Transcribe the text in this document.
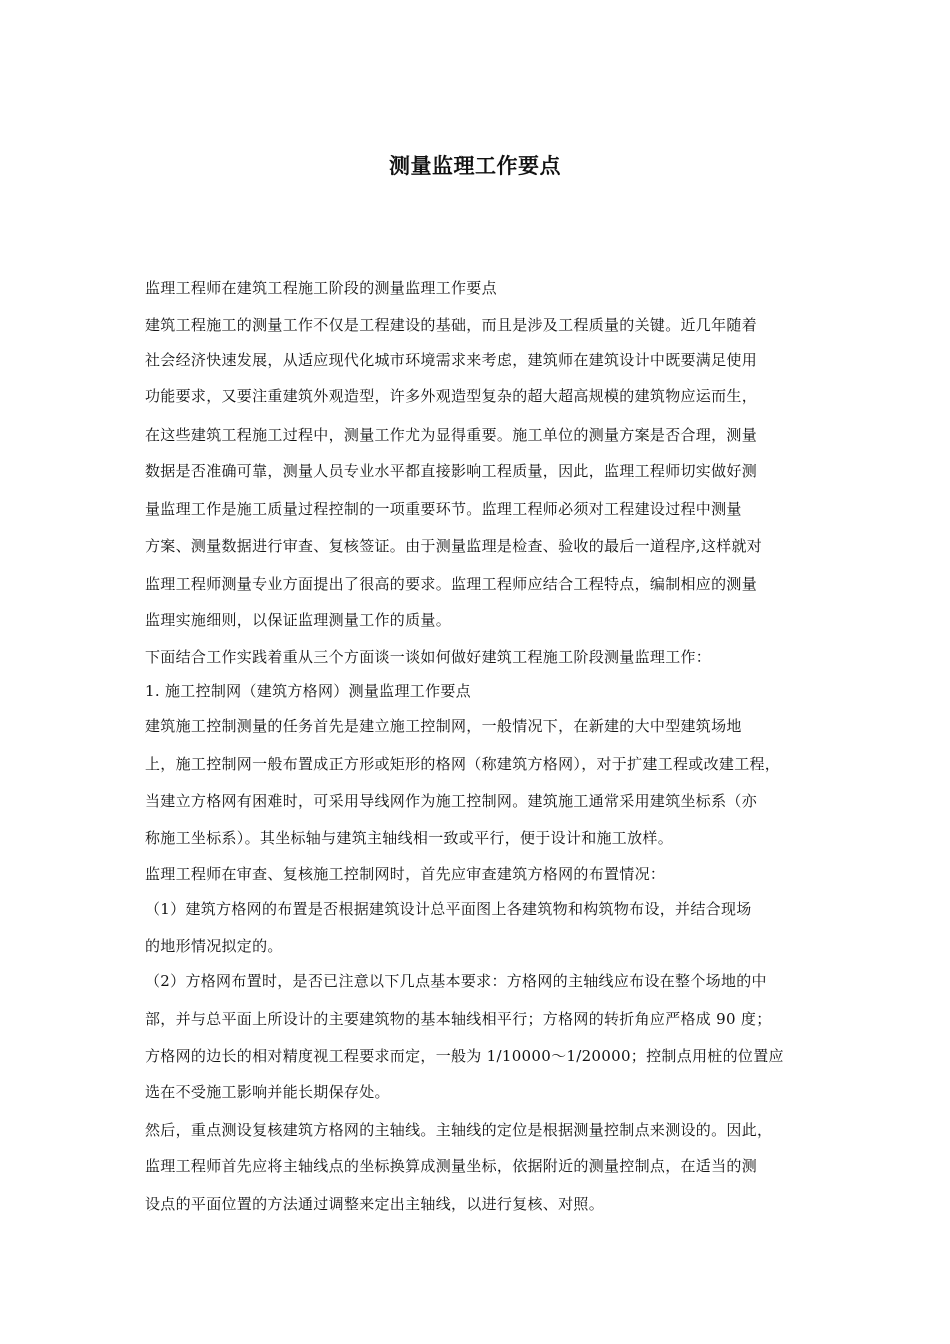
测量监理工作要点
监理工程师在建筑工程施工阶段的测量监理工作要点
建筑工程施工的测量工作不仅是工程建设的基础，而且是涉及工程质量的关键。近几年随着
社会经济快速发展，从适应现代化城市环境需求来考虑，建筑师在建筑设计中既要满足使用
功能要求，又要注重建筑外观造型，许多外观造型复杂的超大超高规模的建筑物应运而生，
在这些建筑工程施工过程中，测量工作尤为显得重要。施工单位的测量方案是否合理，测量
数据是否准确可靠，测量人员专业水平都直接影响工程质量，因此，监理工程师切实做好测
量监理工作是施工质量过程控制的一项重要环节。监理工程师必须对工程建设过程中测量
方案、测量数据进行审查、复核签证。由于测量监理是检查、验收的最后一道程序,这样就对
监理工程师测量专业方面提出了很高的要求。监理工程师应结合工程特点，编制相应的测量
监理实施细则，以保证监理测量工作的质量。
下面结合工作实践着重从三个方面谈一谈如何做好建筑工程施工阶段测量监理工作：
1. 施工控制网（建筑方格网）测量监理工作要点
建筑施工控制测量的任务首先是建立施工控制网，一般情况下，在新建的大中型建筑场地
上，施工控制网一般布置成正方形或矩形的格网（称建筑方格网），对于扩建工程或改建工程，
当建立方格网有困难时，可采用导线网作为施工控制网。建筑施工通常采用建筑坐标系（亦
称施工坐标系）。其坐标轴与建筑主轴线相一致或平行，便于设计和施工放样。
监理工程师在审查、复核施工控制网时，首先应审查建筑方格网的布置情况：
（1）建筑方格网的布置是否根据建筑设计总平面图上各建筑物和构筑物布设，并结合现场
的地形情况拟定的。
（2）方格网布置时，是否已注意以下几点基本要求：方格网的主轴线应布设在整个场地的中
部，并与总平面上所设计的主要建筑物的基本轴线相平行；方格网的转折角应严格成 90 度；
方格网的边长的相对精度视工程要求而定，一般为 1/10000～1/20000；控制点用桩的位置应
选在不受施工影响并能长期保存处。
然后，重点测设复核建筑方格网的主轴线。主轴线的定位是根据测量控制点来测设的。因此，
监理工程师首先应将主轴线点的坐标换算成测量坐标，依据附近的测量控制点，在适当的测
设点的平面位置的方法通过调整来定出主轴线，以进行复核、对照。
